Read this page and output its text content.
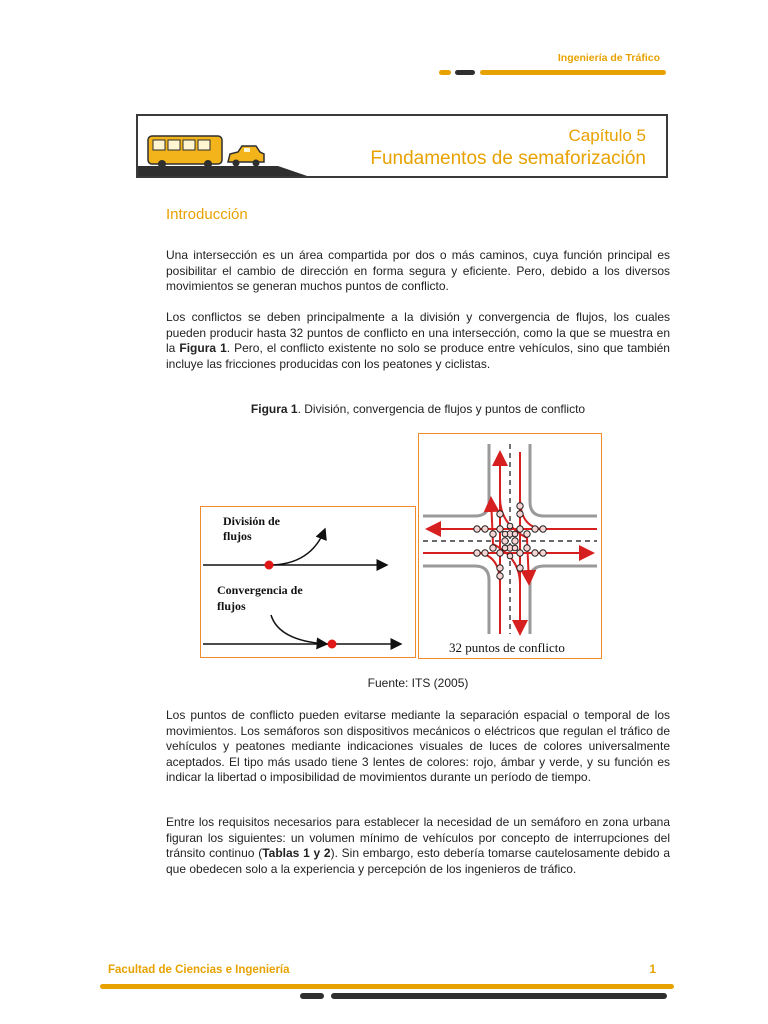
Ingeniería de Tráfico
Capítulo 5
Fundamentos de semaforización
Introducción
Una intersección es un área compartida por dos o más caminos, cuya función principal es posibilitar el cambio de dirección en forma segura y eficiente. Pero, debido a los diversos movimientos se generan muchos puntos de conflicto.
Los conflictos se deben principalmente a la división y convergencia de flujos, los cuales pueden producir hasta 32 puntos de conflicto en una intersección, como la que se muestra en la Figura 1. Pero, el conflicto existente no solo se produce entre vehículos, sino que también incluye las fricciones producidas con los peatones y ciclistas.
Figura 1. División, convergencia de flujos y puntos de conflicto
División de
flujos
Convergencia de
flujos
32 puntos de conflicto
Fuente: ITS (2005)
Los puntos de conflicto pueden evitarse mediante la separación espacial o temporal de los movimientos. Los semáforos son dispositivos mecánicos o eléctricos que regulan el tráfico de vehículos y peatones mediante indicaciones visuales de luces de colores universalmente aceptados. El tipo más usado tiene 3 lentes de colores: rojo, ámbar y verde, y su función es indicar la libertad o imposibilidad de movimientos durante un período de tiempo.
Entre los requisitos necesarios para establecer la necesidad de un semáforo en zona urbana figuran los siguientes: un volumen mínimo de vehículos por concepto de interrupciones del tránsito continuo (Tablas 1 y 2). Sin embargo, esto debería tomarse cautelosamente debido a que obedecen solo a la experiencia y percepción de los ingenieros de tráfico.
Facultad de Ciencias e Ingeniería	1
